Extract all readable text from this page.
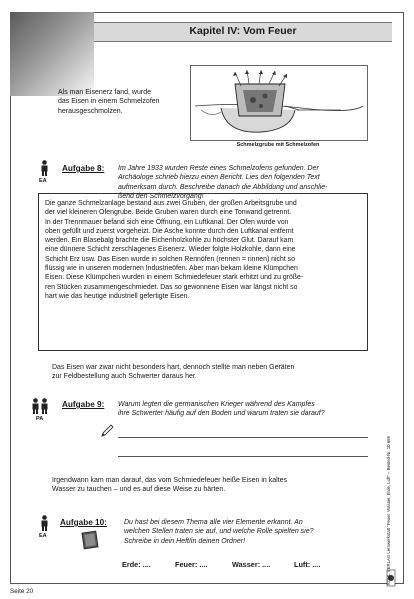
Kapitel IV: Vom Feuer
Als man Eisenerz fand, wurde
das Eisen in einem Schmelzofen
herausgeschmolzen.
Schmelzgrube mit Schmelzofen
EA
Aufgabe 8: Im Jahre 1933 wurden Reste eines Schmelzofens gefunden. Der
Archäologe schrieb hierzu einen Bericht. Lies den folgenden Text
aufmerksam durch. Beschreibe danach die Abbildung und anschlie-
ßend den Schmelzvorgang!
Die ganze Schmelzanlage bestand aus zwei Gruben, der großen Arbeitsgrube und
der viel kleineren Ofengrube. Beide Gruben waren durch eine Tonwand getrennt.
In der Trennmauer befand sich eine Öffnung, ein Luftkanal. Der Ofen wurde von
oben gefüllt und zuerst vorgeheizt. Die Asche konnte durch den Luftkanal entfernt
werden. Ein Blasebalg brachte die Eichenholzkohle zu höchster Glut. Darauf kam
eine dünnere Schicht zerschlagenes Eisenerz. Wieder folgte Holzkohle, dann eine
Schicht Erz usw. Das Eisen wurde in solchen Rennöfen (rennen = rinnen) nicht so
flüssig wie in unseren modernen Industrieöfen. Aber man bekam kleine Klümpchen
Eisen. Diese Klümpchen wurden in einem Schmiedefeuer stark erhitzt und zu größe-
ren Stücken zusammengeschmiedet. Das so gewonnene Eisen war längst nicht so
hart wie das heutige industriell gefertigte Eisen.
Das Eisen war zwar nicht besonders hart, dennoch stellte man neben Geräten
zur Feldbestellung auch Schwerter daraus her.
PA
Aufgabe 9: Warum legten die germanischen Krieger während des Kampfes
ihre Schwerter häufig auf den Boden und warum traten sie darauf?
Irgendwann kam man darauf, das vom Schmiedefeuer heiße Eisen in kaltes
Wasser zu tauchen – und es auf diese Weise zu härten.
EA
Aufgabe 10: Du hast bei diesem Thema alle vier Elemente erkannt. An
welchen Stellen traten sie auf, und welche Rolle spielten sie?
Schreibe in dein Heft/in deinen Ordner!
Erde: ....	Feuer: ....	Wasser: ....	Luft: ....	KOHL VERLAG Lernwerkstatt "Feuer, Wasser, Erde, Luft" – Bestell-Nr. 10 669
Seite 20
